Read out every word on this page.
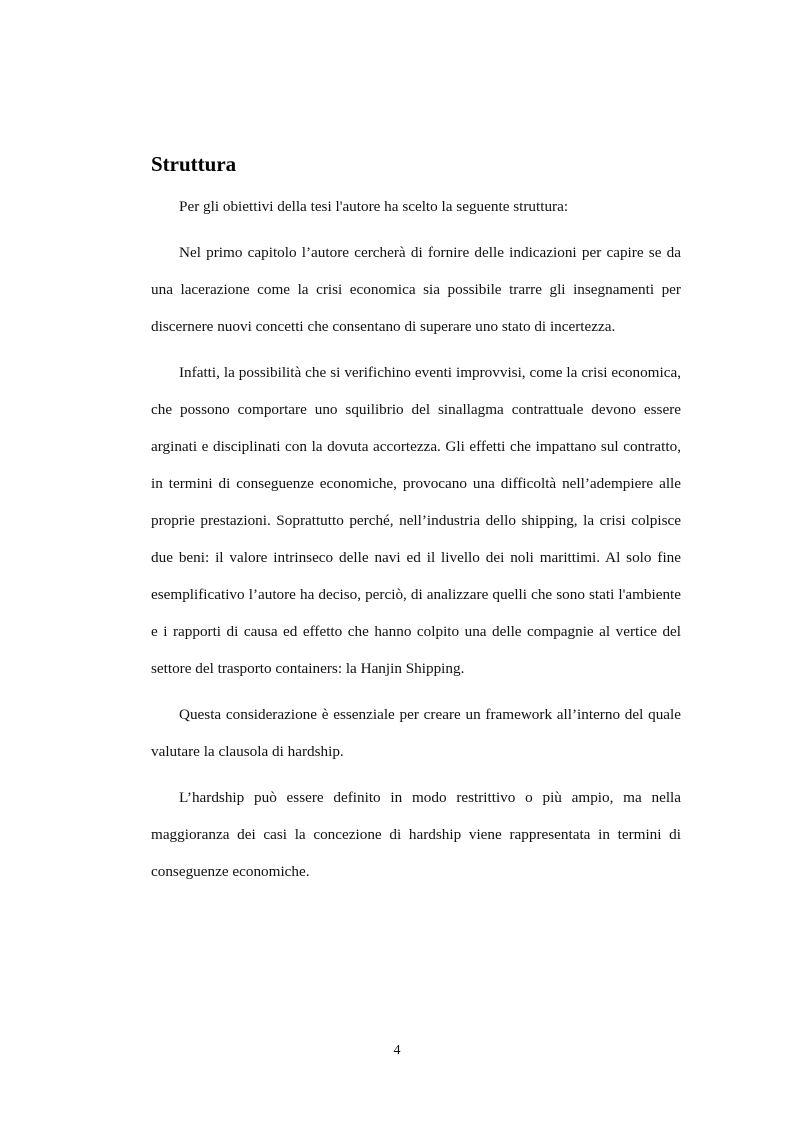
Struttura

Per gli obiettivi della tesi l'autore ha scelto la seguente struttura:

Nel primo capitolo l’autore cercherà di fornire delle indicazioni per capire se da una lacerazione come la crisi economica sia possibile trarre gli insegnamenti per discernere nuovi concetti che consentano di superare uno stato di incertezza.

Infatti, la possibilità che si verifichino eventi improvvisi, come la crisi economica, che possono comportare uno squilibrio del sinallagma contrattuale devono essere arginati e disciplinati con la dovuta accortezza. Gli effetti che impattano sul contratto, in termini di conseguenze economiche, provocano una difficoltà nell’adempiere alle proprie prestazioni. Soprattutto perché, nell’industria dello shipping, la crisi colpisce due beni: il valore intrinseco delle navi ed il livello dei noli marittimi. Al solo fine esemplificativo l’autore ha deciso, perciò, di analizzare quelli che sono stati l'ambiente e i rapporti di causa ed effetto che hanno colpito una delle compagnie al vertice del settore del trasporto containers: la Hanjin Shipping.

Questa considerazione è essenziale per creare un framework all’interno del quale valutare la clausola di hardship.

L’hardship può essere definito in modo restrittivo o più ampio, ma nella maggioranza dei casi la concezione di hardship viene rappresentata in termini di conseguenze economiche.

4
